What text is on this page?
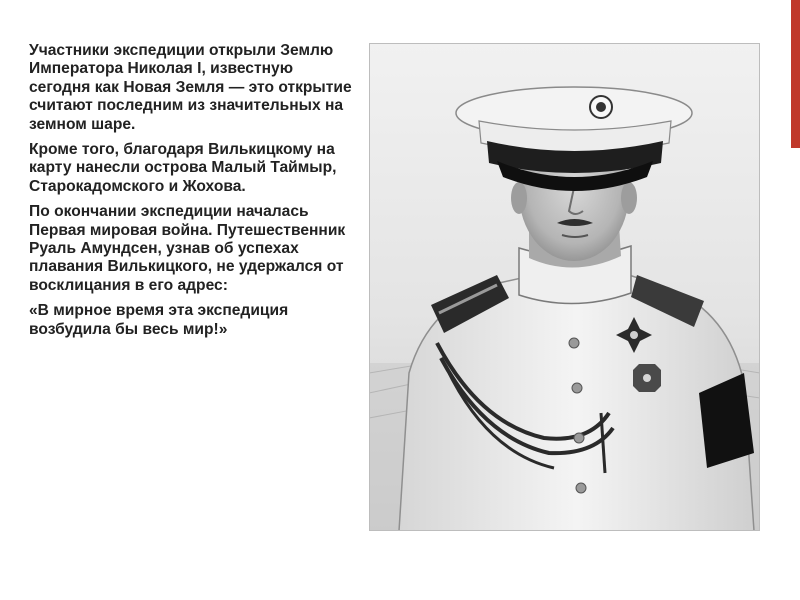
Участники экспедиции открыли Землю Императора Николая I, известную сегодня как Новая Земля — это открытие считают последним из значительных на земном шаре.

Кроме того, благодаря Вилькицкому на карту нанесли острова Малый Таймыр, Старокадомского и Жохова.

По окончании экспедиции началась Первая мировая война. Путешественник Руаль Амундсен, узнав об успехах плавания Вилькицкого, не удержался от восклицания в его адрес:

«В мирное время эта экспедиция возбудила бы весь мир!»
